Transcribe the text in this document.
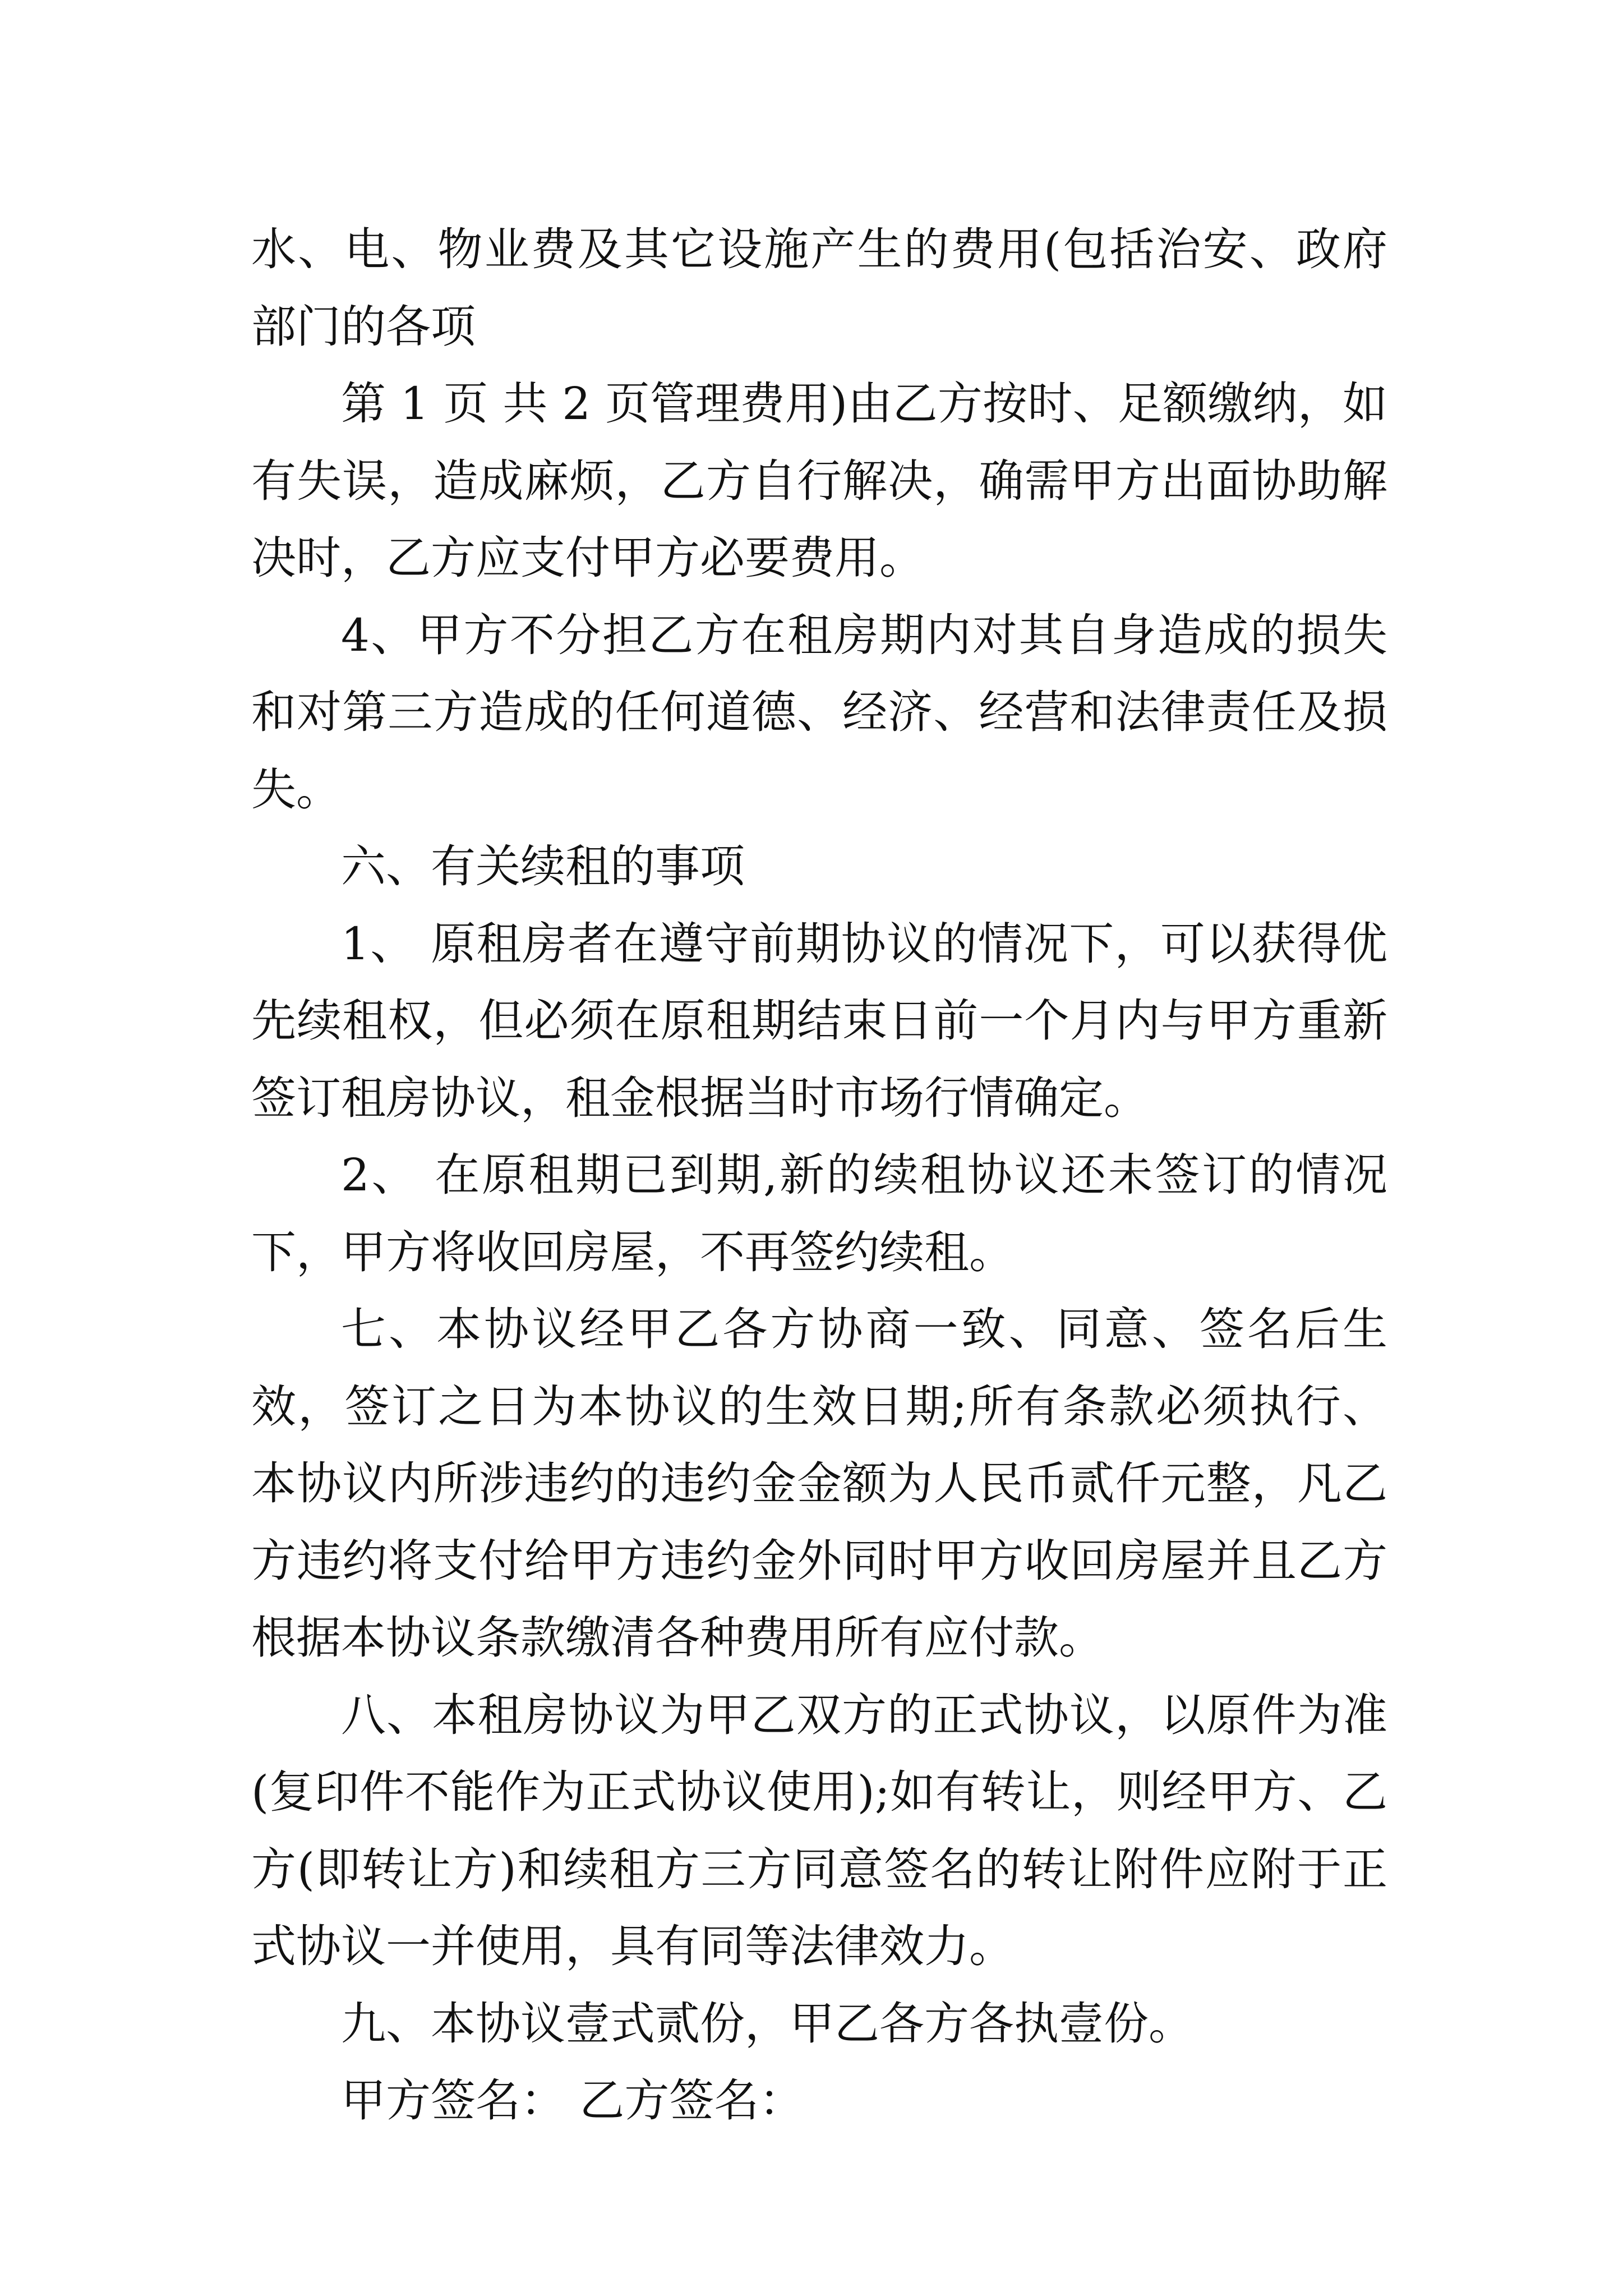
水、电、物业费及其它设施产生的费用(包括治安、政府部门的各项

第 1 页 共 2 页管理费用)由乙方按时、足额缴纳，如有失误，造成麻烦，乙方自行解决，确需甲方出面协助解决时，乙方应支付甲方必要费用。

4、甲方不分担乙方在租房期内对其自身造成的损失和对第三方造成的任何道德、经济、经营和法律责任及损失。

六、有关续租的事项

1、 原租房者在遵守前期协议的情况下，可以获得优先续租权，但必须在原租期结束日前一个月内与甲方重新签订租房协议，租金根据当时市场行情确定。

2、 在原租期已到期,新的续租协议还未签订的情况下，甲方将收回房屋，不再签约续租。

七、本协议经甲乙各方协商一致、同意、签名后生效，签订之日为本协议的生效日期;所有条款必须执行、本协议内所涉违约的违约金金额为人民币贰仟元整，凡乙方违约将支付给甲方违约金外同时甲方收回房屋并且乙方根据本协议条款缴清各种费用所有应付款。

八、本租房协议为甲乙双方的正式协议，以原件为准(复印件不能作为正式协议使用);如有转让，则经甲方、乙方(即转让方)和续租方三方同意签名的转让附件应附于正式协议一并使用，具有同等法律效力。

九、本协议壹式贰份，甲乙各方各执壹份。

甲方签名： 乙方签名：
